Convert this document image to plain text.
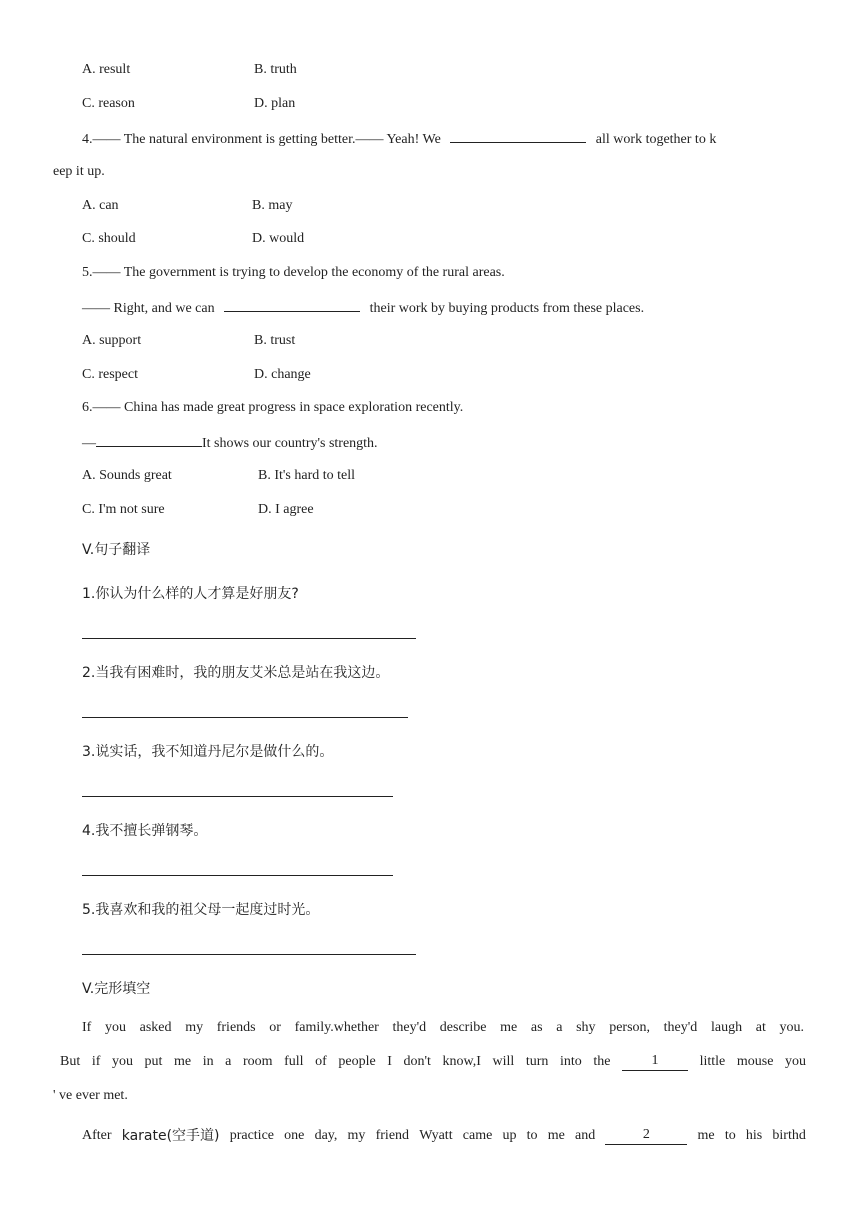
A. result	B. truth
C. reason	D. plan
4.—— The natural environment is getting better.—— Yeah! We	all work together to k
eep it up.
A. can	B. may
C. should	D. would
5.—— The government is trying to develop the economy of the rural areas.
—— Right, and we can	their work by buying products from these places.
A. support	B. trust
C. respect	D. change
6.—— China has made great progress in space exploration recently.
—	It shows our country's strength.
A. Sounds great	B. It's hard to tell
C. I'm not sure	D. I agree
V.句子翻译
1.你认为什么样的人才算是好朋友?
2.当我有困难时，我的朋友艾米总是站在我这边。
3.说实话，我不知道丹尼尔是做什么的。
4.我不擅长弹钢琴。
5.我喜欢和我的祖父母一起度过时光。
V.完形填空
If you asked my friends or family.whether they'd describe me as a shy person, they'd laugh at you.
But if you put me in a room full of people I don't know,I will turn into the	1	little mouse you
' ve ever met.
After karate(空手道) practice one day, my friend Wyatt came up to me and	2	me to his birthd
